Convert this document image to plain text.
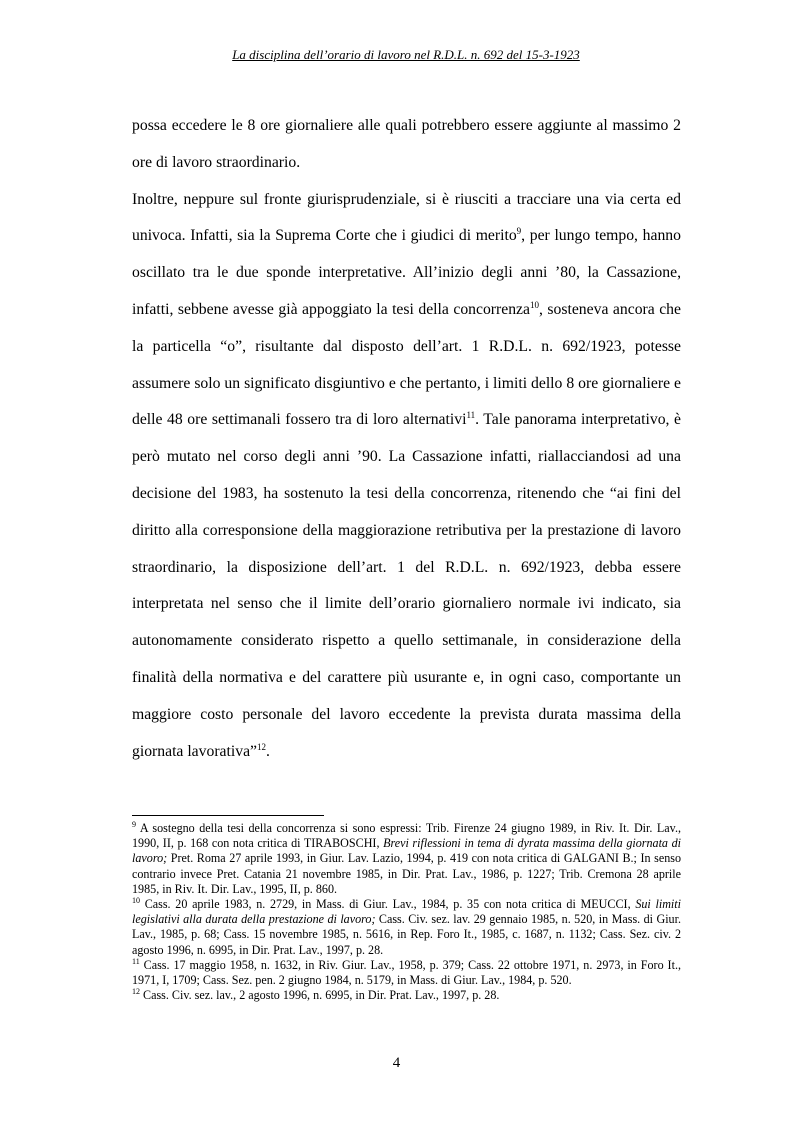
La disciplina dell’orario di lavoro nel R.D.L. n. 692 del 15-3-1923

possa eccedere le 8 ore giornaliere alle quali potrebbero essere aggiunte al massimo 2 ore di lavoro straordinario.

Inoltre, neppure sul fronte giurisprudenziale, si è riusciti a tracciare una via certa ed univoca. Infatti, sia la Suprema Corte che i giudici di merito$^9$, per lungo tempo, hanno oscillato tra le due sponde interpretative. All’inizio degli anni ’80, la Cassazione, infatti, sebbene avesse già appoggiato la tesi della concorrenza$^{10}$, sosteneva ancora che la particella “o”, risultante dal disposto dell’art. 1 R.D.L. n. 692/1923, potesse assumere solo un significato disgiuntivo e che pertanto, i limiti dello 8 ore giornaliere e delle 48 ore settimanali fossero tra di loro alternativi$^{11}$. Tale panorama interpretativo, è però mutato nel corso degli anni ’90. La Cassazione infatti, riallacciandosi ad una decisione del 1983, ha sostenuto la tesi della concorrenza, ritenendo che “ai fini del diritto alla corresponsione della maggiorazione retributiva per la prestazione di lavoro straordinario, la disposizione dell’art. 1 del R.D.L. n. 692/1923, debba essere interpretata nel senso che il limite dell’orario giornaliero normale ivi indicato, sia autonomamente considerato rispetto a quello settimanale, in considerazione della finalità della normativa e del carattere più usurante e, in ogni caso, comportante un maggiore costo personale del lavoro eccedente la prevista durata massima della giornata lavorativa”$^{12}$.

$^9$ A sostegno della tesi della concorrenza si sono espressi: Trib. Firenze 24 giugno 1989, in Riv. It. Dir. Lav., 1990, II, p. 168 con nota critica di TIRABOSCHI, Brevi riflessioni in tema di dyrata massima della giornata di lavoro; Pret. Roma 27 aprile 1993, in Giur. Lav. Lazio, 1994, p. 419 con nota critica di GALGANI B.; In senso contrario invece Pret. Catania 21 novembre 1985, in Dir. Prat. Lav., 1986, p. 1227; Trib. Cremona 28 aprile 1985, in Riv. It. Dir. Lav., 1995, II, p. 860.

$^{10}$ Cass. 20 aprile 1983, n. 2729, in Mass. di Giur. Lav., 1984, p. 35 con nota critica di MEUCCI, Sui limiti legislativi alla durata della prestazione di lavoro; Cass. Civ. sez. lav. 29 gennaio 1985, n. 520, in Mass. di Giur. Lav., 1985, p. 68; Cass. 15 novembre 1985, n. 5616, in Rep. Foro It., 1985, c. 1687, n. 1132; Cass. Sez. civ. 2 agosto 1996, n. 6995, in Dir. Prat. Lav., 1997, p. 28.

$^{11}$ Cass. 17 maggio 1958, n. 1632, in Riv. Giur. Lav., 1958, p. 379; Cass. 22 ottobre 1971, n. 2973, in Foro It., 1971, I, 1709; Cass. Sez. pen. 2 giugno 1984, n. 5179, in Mass. di Giur. Lav., 1984, p. 520.

$^{12}$ Cass. Civ. sez. lav., 2 agosto 1996, n. 6995, in Dir. Prat. Lav., 1997, p. 28.

4
